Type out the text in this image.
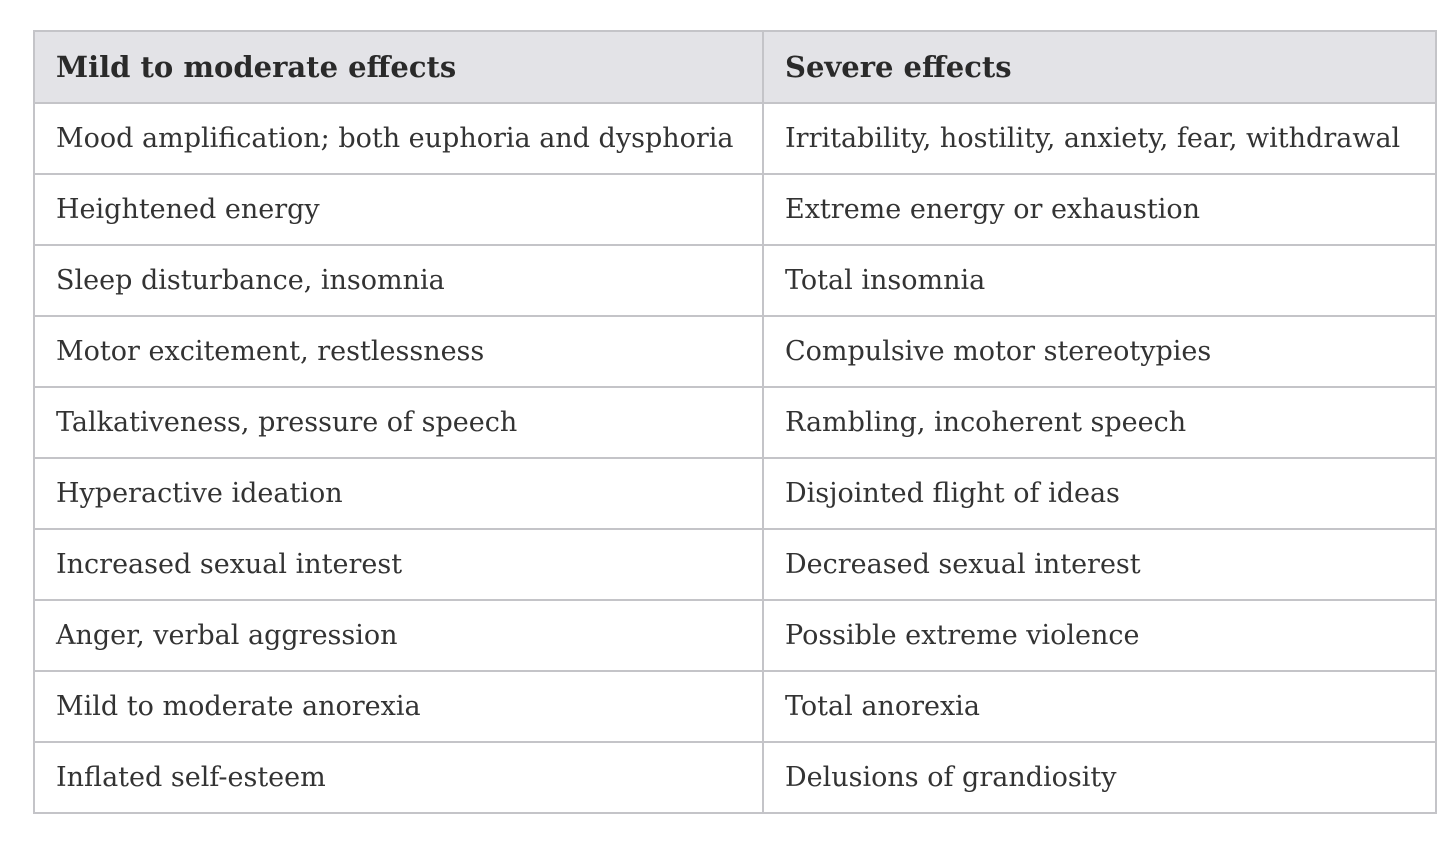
Mild to moderate effects	Severe effects
Mood amplification; both euphoria and dysphoria	Irritability, hostility, anxiety, fear, withdrawal
Heightened energy	Extreme energy or exhaustion
Sleep disturbance, insomnia	Total insomnia
Motor excitement, restlessness	Compulsive motor stereotypies
Talkativeness, pressure of speech	Rambling, incoherent speech
Hyperactive ideation	Disjointed flight of ideas
Increased sexual interest	Decreased sexual interest
Anger, verbal aggression	Possible extreme violence
Mild to moderate anorexia	Total anorexia
Inflated self-esteem	Delusions of grandiosity
